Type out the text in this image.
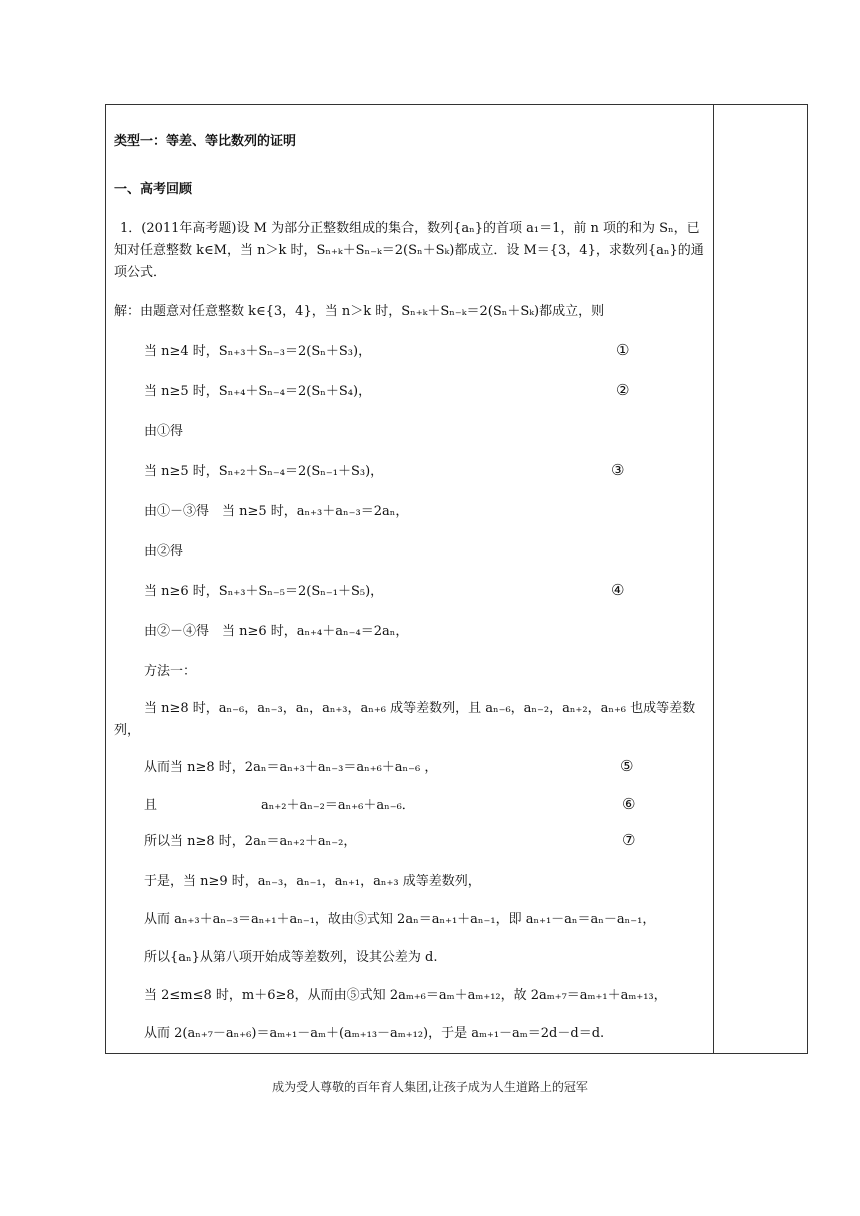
类型一：等差、等比数列的证明
一、高考回顾
1．(2011年高考题)设 M 为部分正整数组成的集合，数列{aₙ}的首项 a₁＝1，前 n 项的和为 Sₙ，已知对任意整数 k∈M，当 n＞k 时，Sₙ₊ₖ＋Sₙ₋ₖ＝2(Sₙ＋Sₖ)都成立．设 M＝{3，4}，求数列{aₙ}的通项公式．
解：由题意对任意整数 k∈{3，4}，当 n＞k 时，Sₙ₊ₖ＋Sₙ₋ₖ＝2(Sₙ＋Sₖ)都成立，则
当 n≥4 时，Sₙ₊₃＋Sₙ₋₃＝2(Sₙ＋S₃)，	①
当 n≥5 时，Sₙ₊₄＋Sₙ₋₄＝2(Sₙ＋S₄)，	②
由①得
当 n≥5 时，Sₙ₊₂＋Sₙ₋₄＝2(Sₙ₋₁＋S₃)，	③
由①－③得　当 n≥5 时，aₙ₊₃＋aₙ₋₃＝2aₙ，
由②得
当 n≥6 时，Sₙ₊₃＋Sₙ₋₅＝2(Sₙ₋₁＋S₅)，	④
由②－④得　当 n≥6 时，aₙ₊₄＋aₙ₋₄＝2aₙ，
方法一：
当 n≥8 时，aₙ₋₆，aₙ₋₃，aₙ，aₙ₊₃，aₙ₊₆ 成等差数列，且 aₙ₋₆，aₙ₋₂，aₙ₊₂，aₙ₊₆ 也成等差数列，
从而当 n≥8 时，2aₙ＝aₙ₊₃＋aₙ₋₃＝aₙ₊₆＋aₙ₋₆ ，	⑤
且　　　　　　　　aₙ₊₂＋aₙ₋₂＝aₙ₊₆＋aₙ₋₆．	⑥
所以当 n≥8 时，2aₙ＝aₙ₊₂＋aₙ₋₂，	⑦
于是，当 n≥9 时，aₙ₋₃，aₙ₋₁，aₙ₊₁，aₙ₊₃ 成等差数列，
从而 aₙ₊₃＋aₙ₋₃＝aₙ₊₁＋aₙ₋₁，故由⑤式知 2aₙ＝aₙ₊₁＋aₙ₋₁，即 aₙ₊₁－aₙ＝aₙ－aₙ₋₁，
所以{aₙ}从第八项开始成等差数列，设其公差为 d.
当 2≤m≤8 时，m＋6≥8，从而由⑤式知 2aₘ₊₆＝aₘ＋aₘ₊₁₂，故 2aₘ₊₇＝aₘ₊₁＋aₘ₊₁₃，
从而 2(aₙ₊₇－aₙ₊₆)＝aₘ₊₁－aₘ＋(aₘ₊₁₃－aₘ₊₁₂)，于是 aₘ₊₁－aₘ＝2d－d＝d.
成为受人尊敬的百年育人集团,让孩子成为人生道路上的冠军
